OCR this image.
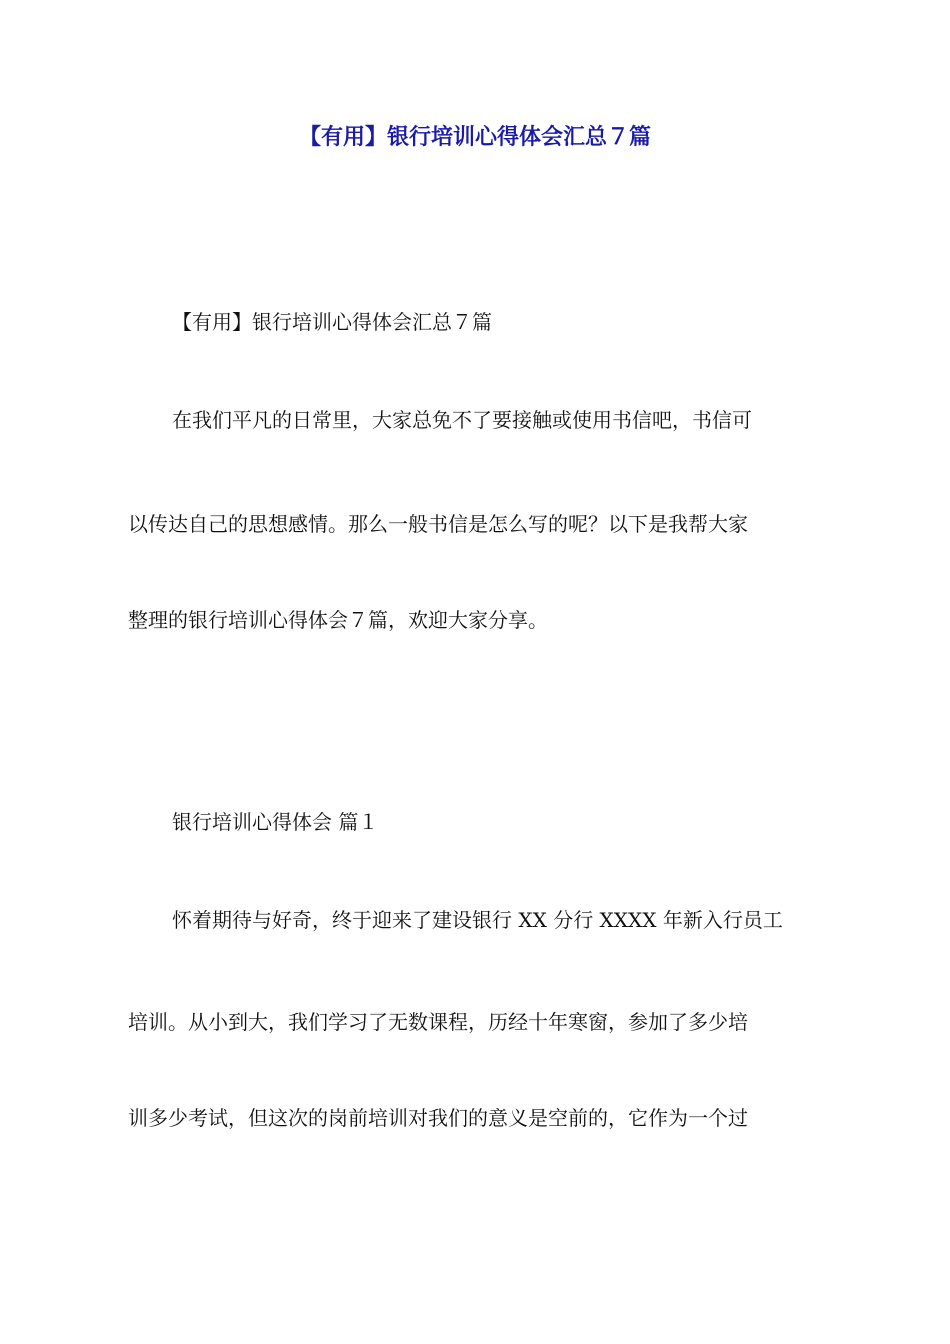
【有用】银行培训心得体会汇总７篇

【有用】银行培训心得体会汇总７篇

在我们平凡的日常里，大家总免不了要接触或使用书信吧，书信可

以传达自己的思想感情。那么一般书信是怎么写的呢？以下是我帮大家

整理的银行培训心得体会７篇，欢迎大家分享。

银行培训心得体会 篇１

怀着期待与好奇，终于迎来了建设银行 XX 分行 XXXX 年新入行员工

培训。从小到大，我们学习了无数课程，历经十年寒窗，参加了多少培

训多少考试，但这次的岗前培训对我们的意义是空前的，它作为一个过
